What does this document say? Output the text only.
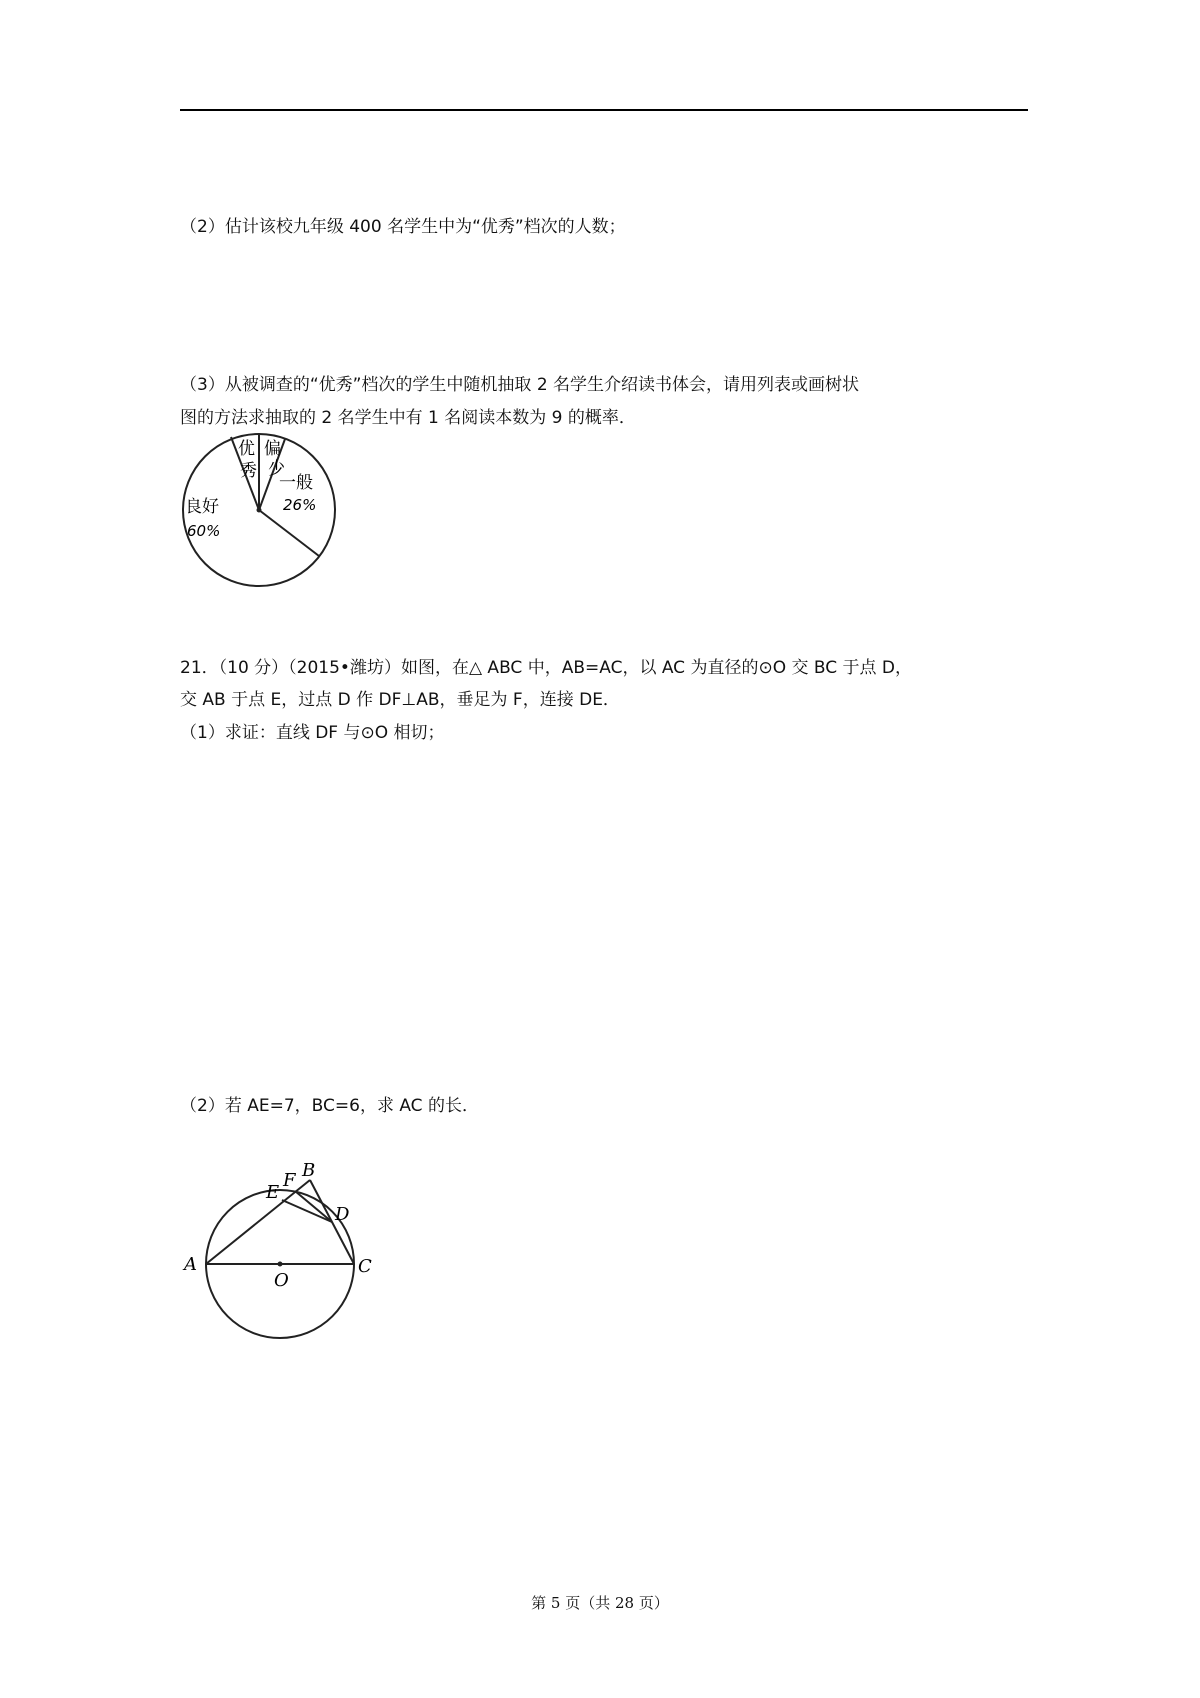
（2）估计该校九年级 400 名学生中为“优秀”档次的人数；
（3）从被调查的“优秀”档次的学生中随机抽取 2 名学生介绍读书体会，请用列表或画树状
图的方法求抽取的 2 名学生中有 1 名阅读本数为 9 的概率．
优
秀
偏
少
一般
26%
良好
60%
21．（10 分）（2015•潍坊）如图，在△ ABC 中，AB=AC，以 AC 为直径的⊙O 交 BC 于点 D，
交 AB 于点 E，过点 D 作 DF⊥AB，垂足为 F，连接 DE．
（1）求证：直线 DF 与⊙O 相切；
（2）若 AE=7，BC=6，求 AC 的长．
A
B
C
D
E
F
O
第 5 页（共 28 页）
